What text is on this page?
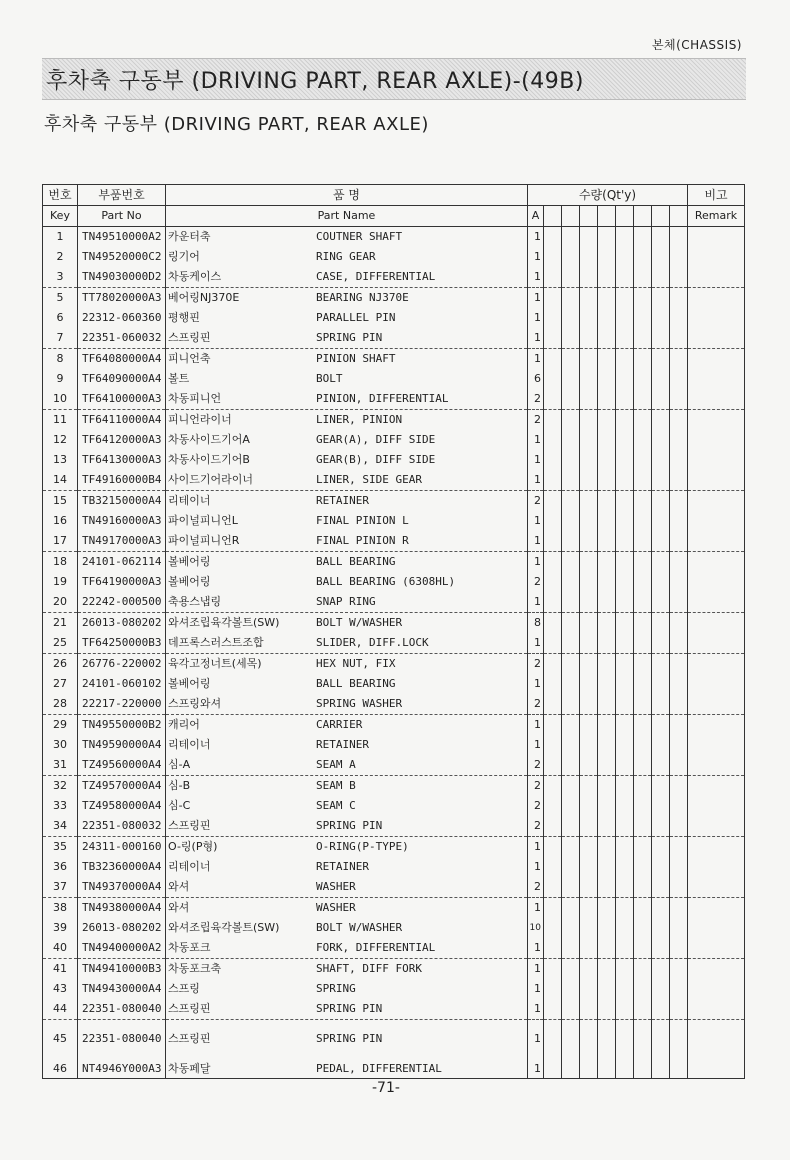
본체(CHASSIS)
후차축 구동부 (DRIVING PART, REAR AXLE)-(49B)
후차축 구동부 (DRIVING PART, REAR AXLE)
번호	부품번호	품 명	수량(Qt'y)									비고
Key	Part No	Part Name	A									Remark
1	TN49510000A2	카운터축 COUTNER SHAFT	1									
2	TN49520000C2	링기어 RING GEAR	1									
3	TN49030000D2	차동케이스 CASE, DIFFERENTIAL	1									
5	TT78020000A3	베어링NJ370E BEARING NJ370E	1									
6	22312-060360	평행핀 PARALLEL PIN	1									
7	22351-060032	스프링핀 SPRING PIN	1									
8	TF64080000A4	피니언축 PINION SHAFT	1									
9	TF64090000A4	볼트 BOLT	6									
10	TF64100000A3	차동피니언 PINION, DIFFERENTIAL	2									
11	TF64110000A4	피니언라이너 LINER, PINION	2									
12	TF64120000A3	차동사이드기어A GEAR(A), DIFF SIDE	1									
13	TF64130000A3	차동사이드기어B GEAR(B), DIFF SIDE	1									
14	TF49160000B4	사이드기어라이너 LINER, SIDE GEAR	1									
15	TB32150000A4	리테이너 RETAINER	2									
16	TN49160000A3	파이널피니언L FINAL PINION L	1									
17	TN49170000A3	파이널피니언R FINAL PINION R	1									
18	24101-062114	볼베어링 BALL BEARING	1									
19	TF64190000A3	볼베어링 BALL BEARING (6308HL)	2									
20	22242-000500	축용스냅링 SNAP RING	1									
21	26013-080202	와셔조립육각볼트(SW) BOLT W/WASHER	8									
25	TF64250000B3	데프록스러스트조합 SLIDER, DIFF.LOCK	1									
26	26776-220002	육각고정너트(세목) HEX NUT, FIX	2									
27	24101-060102	볼베어링 BALL BEARING	1									
28	22217-220000	스프링와셔 SPRING WASHER	2									
29	TN49550000B2	캐리어 CARRIER	1									
30	TN49590000A4	리테이너 RETAINER	1									
31	TZ49560000A4	심-A SEAM A	2									
32	TZ49570000A4	심-B SEAM B	2									
33	TZ49580000A4	심-C SEAM C	2									
34	22351-080032	스프링핀 SPRING PIN	2									
35	24311-000160	O-링(P형) O-RING(P-TYPE)	1									
36	TB32360000A4	리테이너 RETAINER	1									
37	TN49370000A4	와셔 WASHER	2									
38	TN49380000A4	와셔 WASHER	1									
39	26013-080202	와셔조립육각볼트(SW) BOLT W/WASHER	10									
40	TN49400000A2	차동포크 FORK, DIFFERENTIAL	1									
41	TN49410000B3	차동포크축 SHAFT, DIFF FORK	1									
43	TN49430000A4	스프링 SPRING	1									
44	22351-080040	스프링핀 SPRING PIN	1									
45	22351-080040	스프링핀 SPRING PIN	1									
46	NT4946Y000A3	차동페달 PEDAL, DIFFERENTIAL	1									
-71-
